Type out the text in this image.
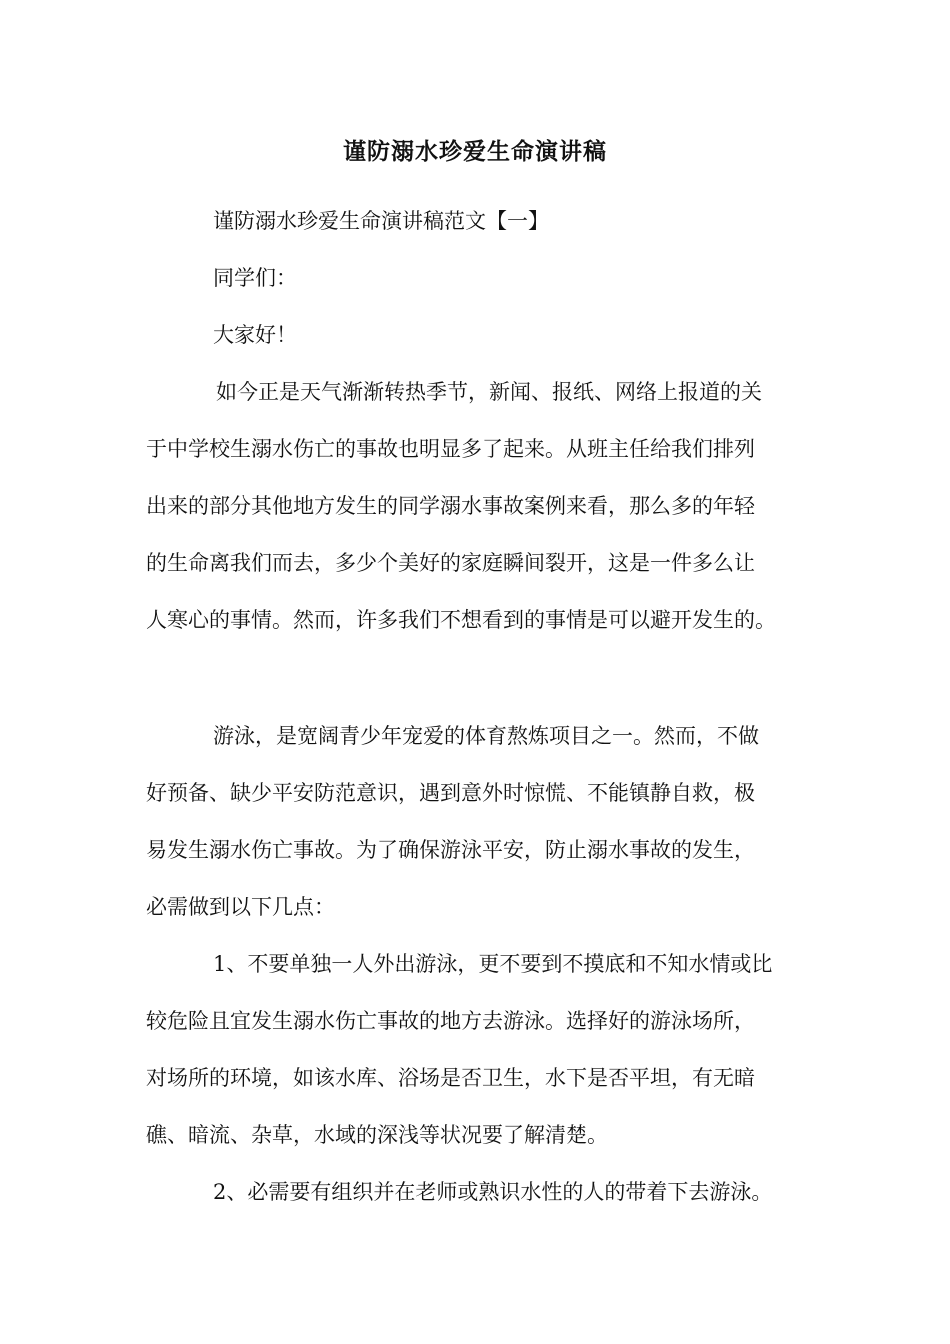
谨防溺水珍爱生命演讲稿
谨防溺水珍爱生命演讲稿范文【一】
同学们：
大家好！
如今正是天气渐渐转热季节，新闻、报纸、网络上报道的关
于中学校生溺水伤亡的事故也明显多了起来。从班主任给我们排列
出来的部分其他地方发生的同学溺水事故案例来看，那么多的年轻
的生命离我们而去，多少个美好的家庭瞬间裂开，这是一件多么让
人寒心的事情。然而，许多我们不想看到的事情是可以避开发生的。
游泳，是宽阔青少年宠爱的体育熬炼项目之一。然而，不做
好预备、缺少平安防范意识，遇到意外时惊慌、不能镇静自救，极
易发生溺水伤亡事故。为了确保游泳平安，防止溺水事故的发生，
必需做到以下几点：
1、不要单独一人外出游泳，更不要到不摸底和不知水情或比
较危险且宜发生溺水伤亡事故的地方去游泳。选择好的游泳场所，
对场所的环境，如该水库、浴场是否卫生，水下是否平坦，有无暗
礁、暗流、杂草，水域的深浅等状况要了解清楚。
2、必需要有组织并在老师或熟识水性的人的带着下去游泳。
